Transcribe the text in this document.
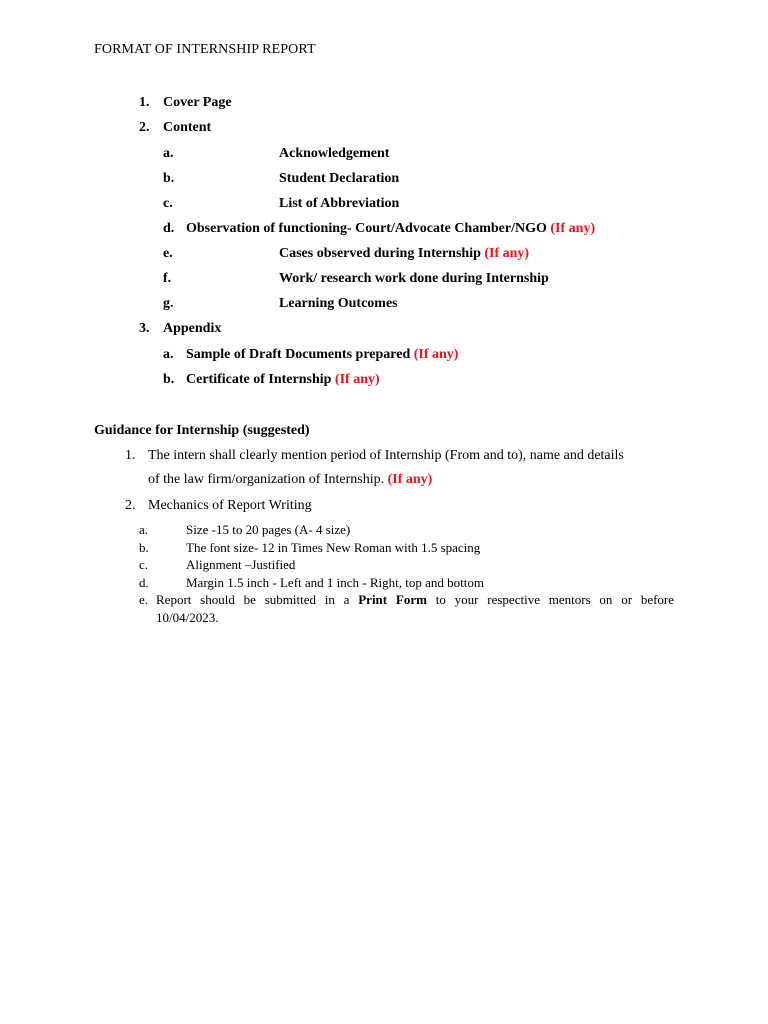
FORMAT OF INTERNSHIP REPORT
1. Cover Page
2. Content
a.	Acknowledgement
b.	Student Declaration
c.	List of Abbreviation
d. Observation of functioning- Court/Advocate Chamber/NGO (If any)
e.	Cases observed during Internship (If any)
f.	Work/ research work done during Internship
g.	Learning Outcomes
3. Appendix
a. Sample of Draft Documents prepared (If any)
b. Certificate of Internship (If any)
Guidance for Internship (suggested)
1. The intern shall clearly mention period of Internship (From and to), name and details
of the law firm/organization of Internship. (If any)
2. Mechanics of Report Writing
a.	Size -15 to 20 pages (A- 4 size)
b.	The font size- 12 in Times New Roman with 1.5 spacing
c.	Alignment –Justified
d.	Margin 1.5 inch - Left and 1 inch - Right, top and bottom
e. Report should be submitted in a Print Form to your respective mentors on or before
10/04/2023.
